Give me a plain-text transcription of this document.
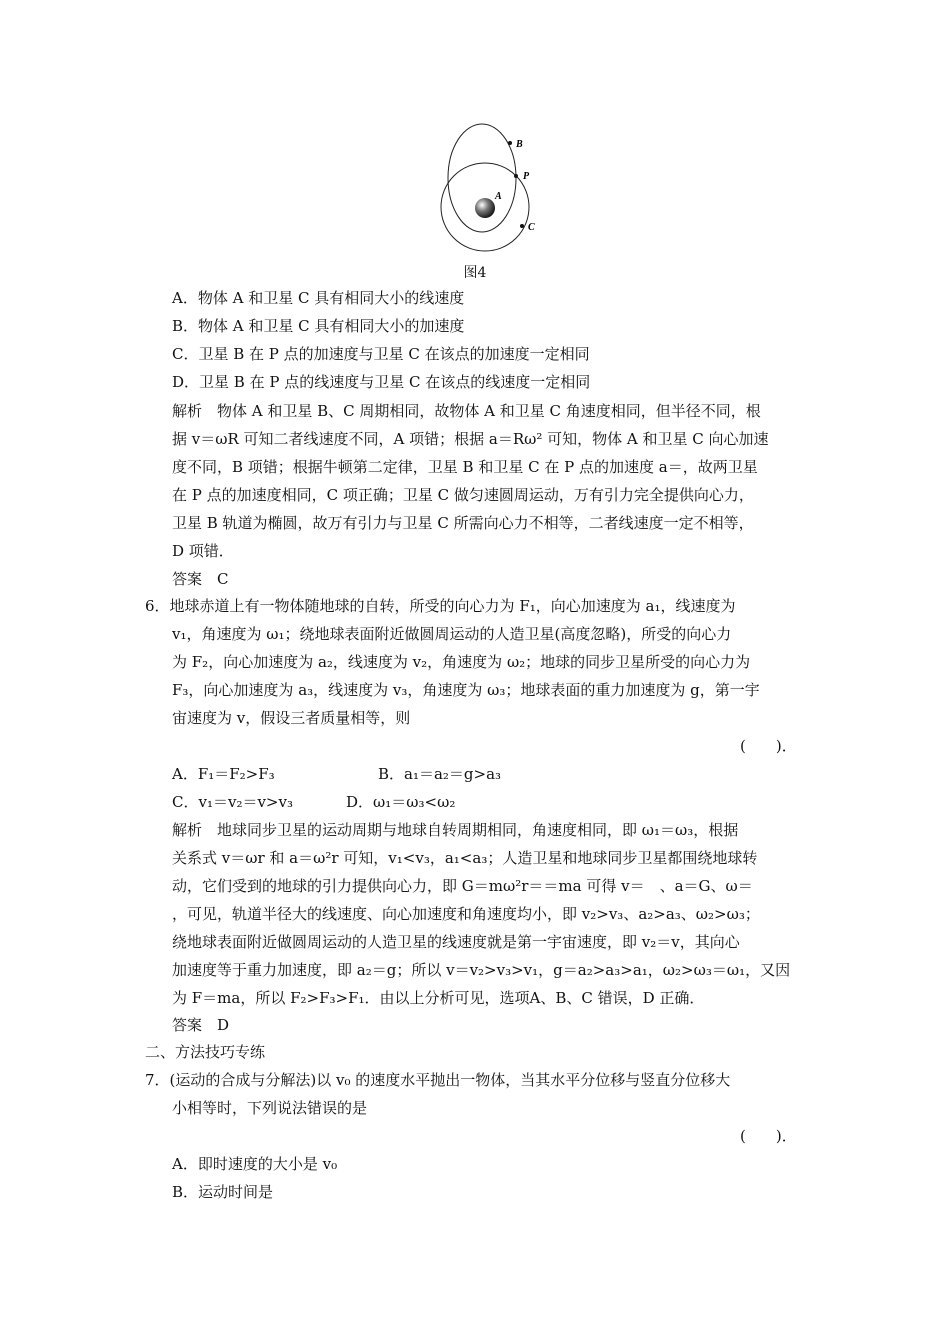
B
P
A
C
图4
A．物体 A 和卫星 C 具有相同大小的线速度
B．物体 A 和卫星 C 具有相同大小的加速度
C．卫星 B 在 P 点的加速度与卫星 C 在该点的加速度一定相同
D．卫星 B 在 P 点的线速度与卫星 C 在该点的线速度一定相同
解析　物体 A 和卫星 B、C 周期相同，故物体 A 和卫星 C 角速度相同，但半径不同，根
据 v＝ωR 可知二者线速度不同，A 项错；根据 a＝Rω² 可知，物体 A 和卫星 C 向心加速
度不同，B 项错；根据牛顿第二定律，卫星 B 和卫星 C 在 P 点的加速度 a＝，故两卫星
在 P 点的加速度相同，C 项正确；卫星 C 做匀速圆周运动，万有引力完全提供向心力，
卫星 B 轨道为椭圆，故万有引力与卫星 C 所需向心力不相等，二者线速度一定不相等，
D 项错．
答案　C
6．地球赤道上有一物体随地球的自转，所受的向心力为 F₁，向心加速度为 a₁，线速度为
v₁，角速度为 ω₁；绕地球表面附近做圆周运动的人造卫星(高度忽略)，所受的向心力
为 F₂，向心加速度为 a₂，线速度为 v₂，角速度为 ω₂；地球的同步卫星所受的向心力为
F₃，向心加速度为 a₃，线速度为 v₃，角速度为 ω₃；地球表面的重力加速度为 g，第一宇
宙速度为 v，假设三者质量相等，则
(　　)．
A．F₁＝F₂>F₃	B．a₁＝a₂＝g>a₃
C．v₁＝v₂＝v>v₃	D．ω₁＝ω₃<ω₂
解析　地球同步卫星的运动周期与地球自转周期相同，角速度相同，即 ω₁＝ω₃，根据
关系式 v＝ωr 和 a＝ω²r 可知，v₁<v₃，a₁<a₃；人造卫星和地球同步卫星都围绕地球转
动，它们受到的地球的引力提供向心力，即 G＝mω²r＝＝ma 可得 v＝　、a＝G、ω＝
，可见，轨道半径大的线速度、向心加速度和角速度均小，即 v₂>v₃、a₂>a₃、ω₂>ω₃；
绕地球表面附近做圆周运动的人造卫星的线速度就是第一宇宙速度，即 v₂＝v，其向心
加速度等于重力加速度，即 a₂＝g；所以 v＝v₂>v₃>v₁，g＝a₂>a₃>a₁，ω₂>ω₃＝ω₁，又因
为 F＝ma，所以 F₂>F₃>F₁．由以上分析可见，选项A、B、C 错误，D 正确．
答案　D
二、方法技巧专练
7．(运动的合成与分解法)以 v₀ 的速度水平抛出一物体，当其水平分位移与竖直分位移大
小相等时，下列说法错误的是
(　　)．
A．即时速度的大小是 v₀
B．运动时间是
